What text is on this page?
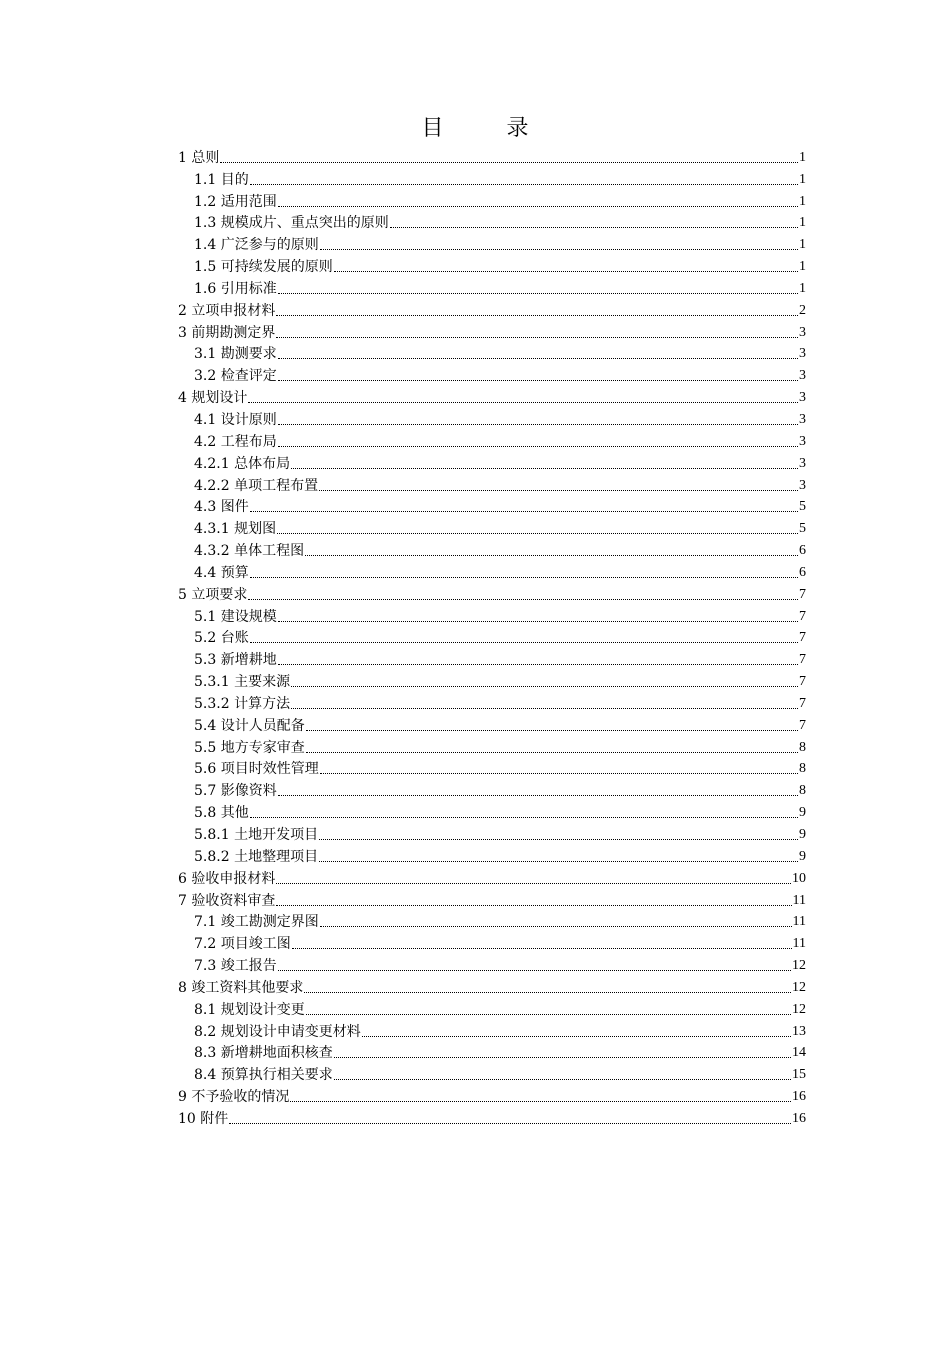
目 录
1 总则	1
1.1 目的	1
1.2 适用范围	1
1.3 规模成片、重点突出的原则	1
1.4 广泛参与的原则	1
1.5 可持续发展的原则	1
1.6 引用标准	1
2 立项申报材料	2
3 前期勘测定界	3
3.1 勘测要求	3
3.2 检查评定	3
4 规划设计	3
4.1 设计原则	3
4.2 工程布局	3
4.2.1 总体布局	3
4.2.2 单项工程布置	3
4.3 图件	5
4.3.1 规划图	5
4.3.2 单体工程图	6
4.4 预算	6
5 立项要求	7
5.1 建设规模	7
5.2 台账	7
5.3 新增耕地	7
5.3.1 主要来源	7
5.3.2 计算方法	7
5.4 设计人员配备	7
5.5 地方专家审查	8
5.6 项目时效性管理	8
5.7 影像资料	8
5.8 其他	9
5.8.1 土地开发项目	9
5.8.2 土地整理项目	9
6 验收申报材料	10
7 验收资料审查	11
7.1 竣工勘测定界图	11
7.2 项目竣工图	11
7.3 竣工报告	12
8 竣工资料其他要求	12
8.1 规划设计变更	12
8.2 规划设计申请变更材料	13
8.3 新增耕地面积核查	14
8.4 预算执行相关要求	15
9 不予验收的情况	16
10 附件	16
